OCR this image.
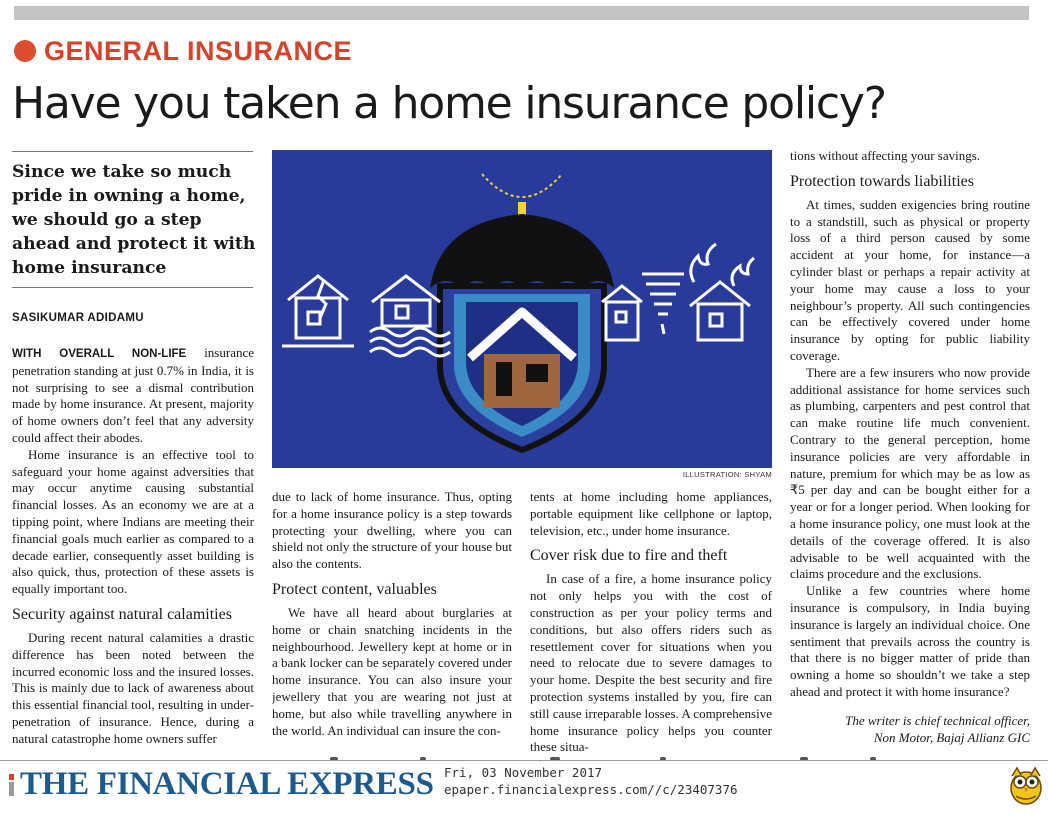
GENERAL INSURANCE
Have you taken a home insurance policy?
Since we take so much pride in owning a home, we should go a step ahead and protect it with home insurance
SASIKUMAR ADIDAMU

WITH OVERALL NON-LIFE insurance penetration standing at just 0.7% in India, it is not surprising to see a dismal contribution made by home insurance. At present, majority of home owners don’t feel that any adversity could affect their abodes.

Home insurance is an effective tool to safeguard your home against adversities that may occur anytime causing substantial financial losses. As an economy we are at a tipping point, where Indians are meeting their financial goals much earlier as compared to a decade earlier, consequently asset building is also quick, thus, protection of these assets is equally important too.

Security against natural calamities

During recent natural calamities a drastic difference has been noted between the incurred economic loss and the insured losses. This is mainly due to lack of awareness about this essential financial tool, resulting in under-penetration of insurance. Hence, during a natural catastrophe home owners suffer

ILLUSTRATION: SHYAM

due to lack of home insurance. Thus, opting for a home insurance policy is a step towards protecting your dwelling, where you can shield not only the structure of your house but also the contents.

Protect content, valuables

We have all heard about burglaries at home or chain snatching incidents in the neighbourhood. Jewellery kept at home or in a bank locker can be separately covered under home insurance. You can also insure your jewellery that you are wearing not just at home, but also while travelling anywhere in the world. An individual can insure the con-

tents at home including home appliances, portable equipment like cellphone or laptop, television, etc., under home insurance.

Cover risk due to fire and theft

In case of a fire, a home insurance policy not only helps you with the cost of construction as per your policy terms and conditions, but also offers riders such as resettlement cover for situations when you need to relocate due to severe damages to your home. Despite the best security and fire protection systems installed by you, fire can still cause irreparable losses. A comprehensive home insurance policy helps you counter these situa-

tions without affecting your savings.

Protection towards liabilities

At times, sudden exigencies bring routine to a standstill, such as physical or property loss of a third person caused by some accident at your home, for instance—a cylinder blast or perhaps a repair activity at your home may cause a loss to your neighbour’s property. All such contingencies can be effectively covered under home insurance by opting for public liability coverage.

There are a few insurers who now provide additional assistance for home services such as plumbing, carpenters and pest control that can make routine life much convenient. Contrary to the general perception, home insurance policies are very affordable in nature, premium for which may be as low as ₹5 per day and can be bought either for a year or for a longer period. When looking for a home insurance policy, one must look at the details of the coverage offered. It is also advisable to be well acquainted with the claims procedure and the exclusions.

Unlike a few countries where home insurance is compulsory, in India buying insurance is largely an individual choice. One sentiment that prevails across the country is that there is no bigger matter of pride than owning a home so shouldn’t we take a step ahead and protect it with home insurance?

The writer is chief technical officer,
Non Motor, Bajaj Allianz GIC
THE FINANCIAL EXPRESS Fri, 03 November 2017
epaper.financialexpress.com//c/23407376
